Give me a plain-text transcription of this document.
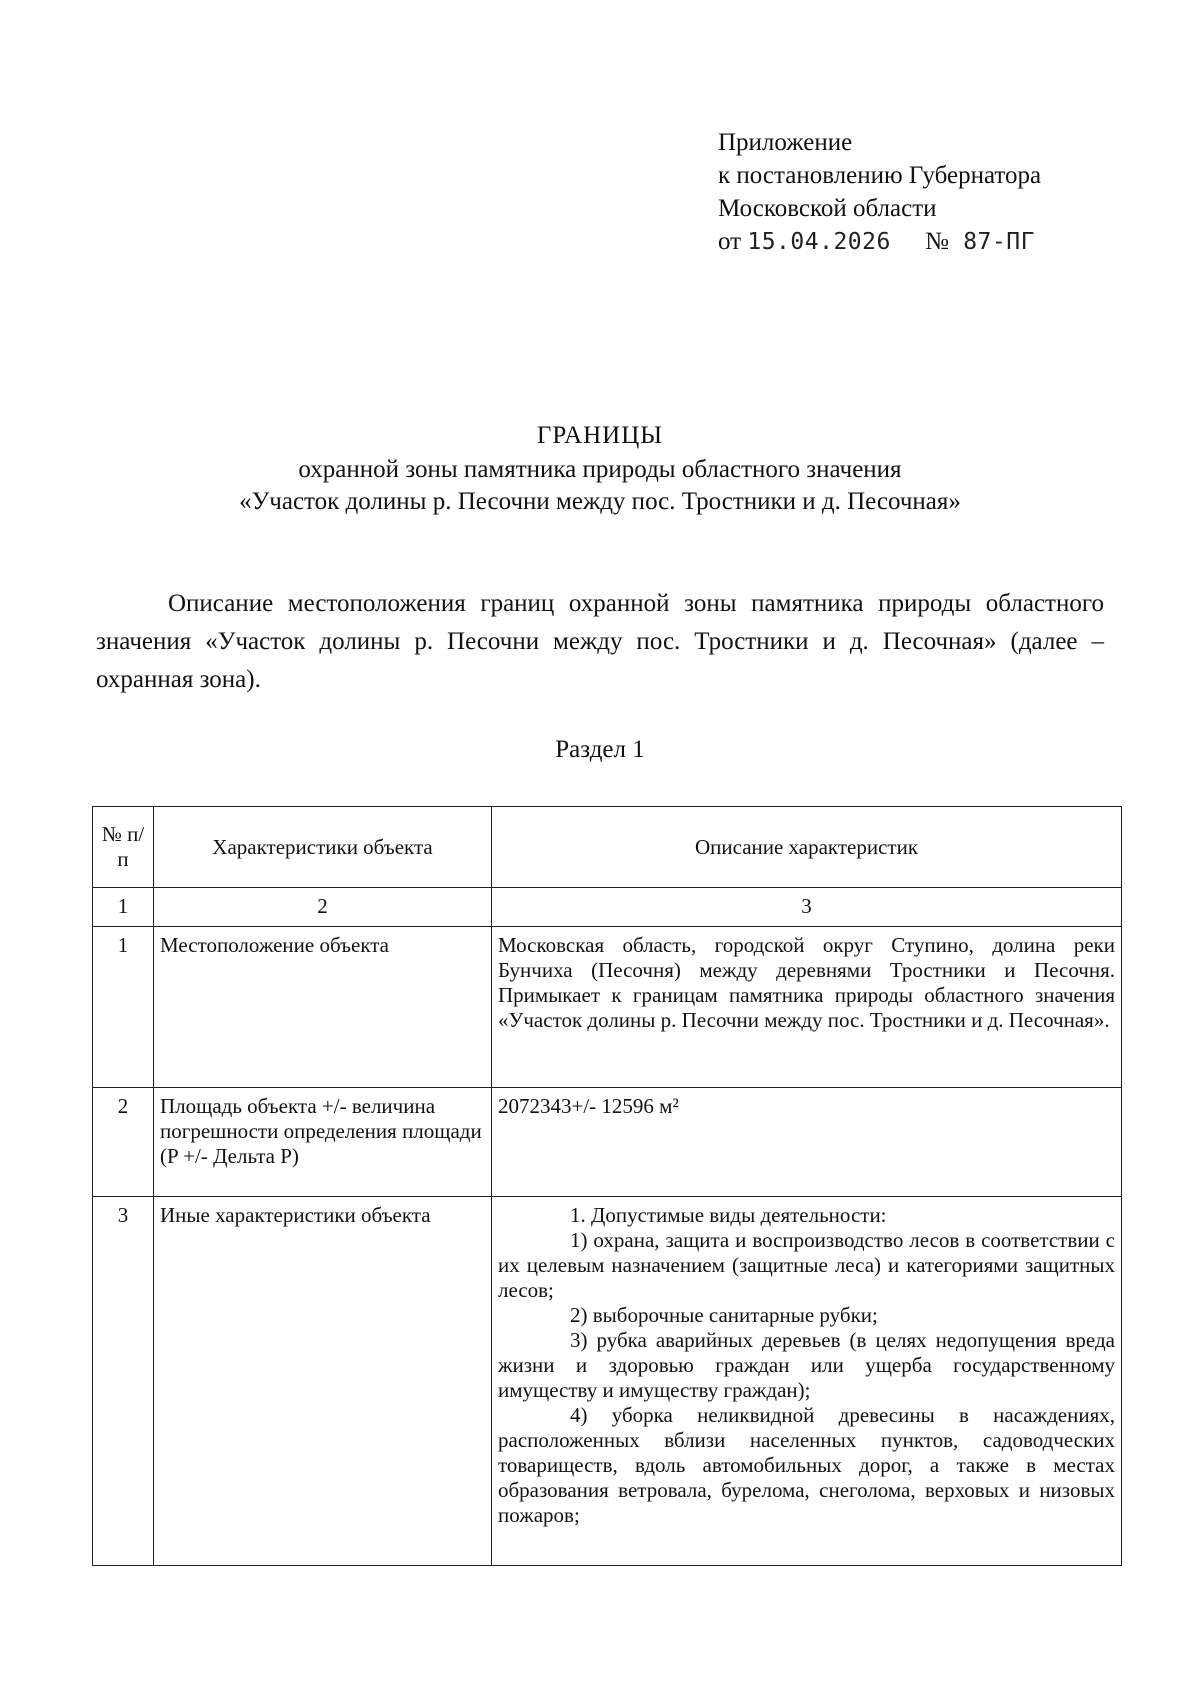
Приложение
к постановлению Губернатора
Московской области
от 15.04.2026 № 87-ПГ
ГРАНИЦЫ
охранной зоны памятника природы областного значения
«Участок долины р. Песочни между пос. Тростники и д. Песочная»
Описание местоположения границ охранной зоны памятника природы областного значения «Участок долины р. Песочни между пос. Тростники и д. Песочная» (далее – охранная зона).
Раздел 1
№ п/п	Характеристики объекта	Описание характеристик
1	2	3
1	Местоположение объекта	Московская область, городской округ Ступино, долина реки Бунчиха (Песочня) между деревнями Тростники и Песочня. Примыкает к границам памятника природы областного значения «Участок долины р. Песочни между пос. Тростники и д. Песочная».
2	Площадь объекта +/- величина погрешности определения площади (P +/- Дельта P)	2072343+/- 12596 м²
3	Иные характеристики объекта	1. Допустимые виды деятельности:

1) охрана, защита и воспроизводство лесов в соответствии с их целевым назначением (защитные леса) и категориями защитных лесов;

2) выборочные санитарные рубки;

3) рубка аварийных деревьев (в целях недопущения вреда жизни и здоровью граждан или ущерба государственному имуществу и имуществу граждан);

4) уборка неликвидной древесины в насаждениях, расположенных вблизи населенных пунктов, садоводческих товариществ, вдоль автомобильных дорог, а также в местах образования ветровала, бурелома, снеголома, верховых и низовых пожаров;
